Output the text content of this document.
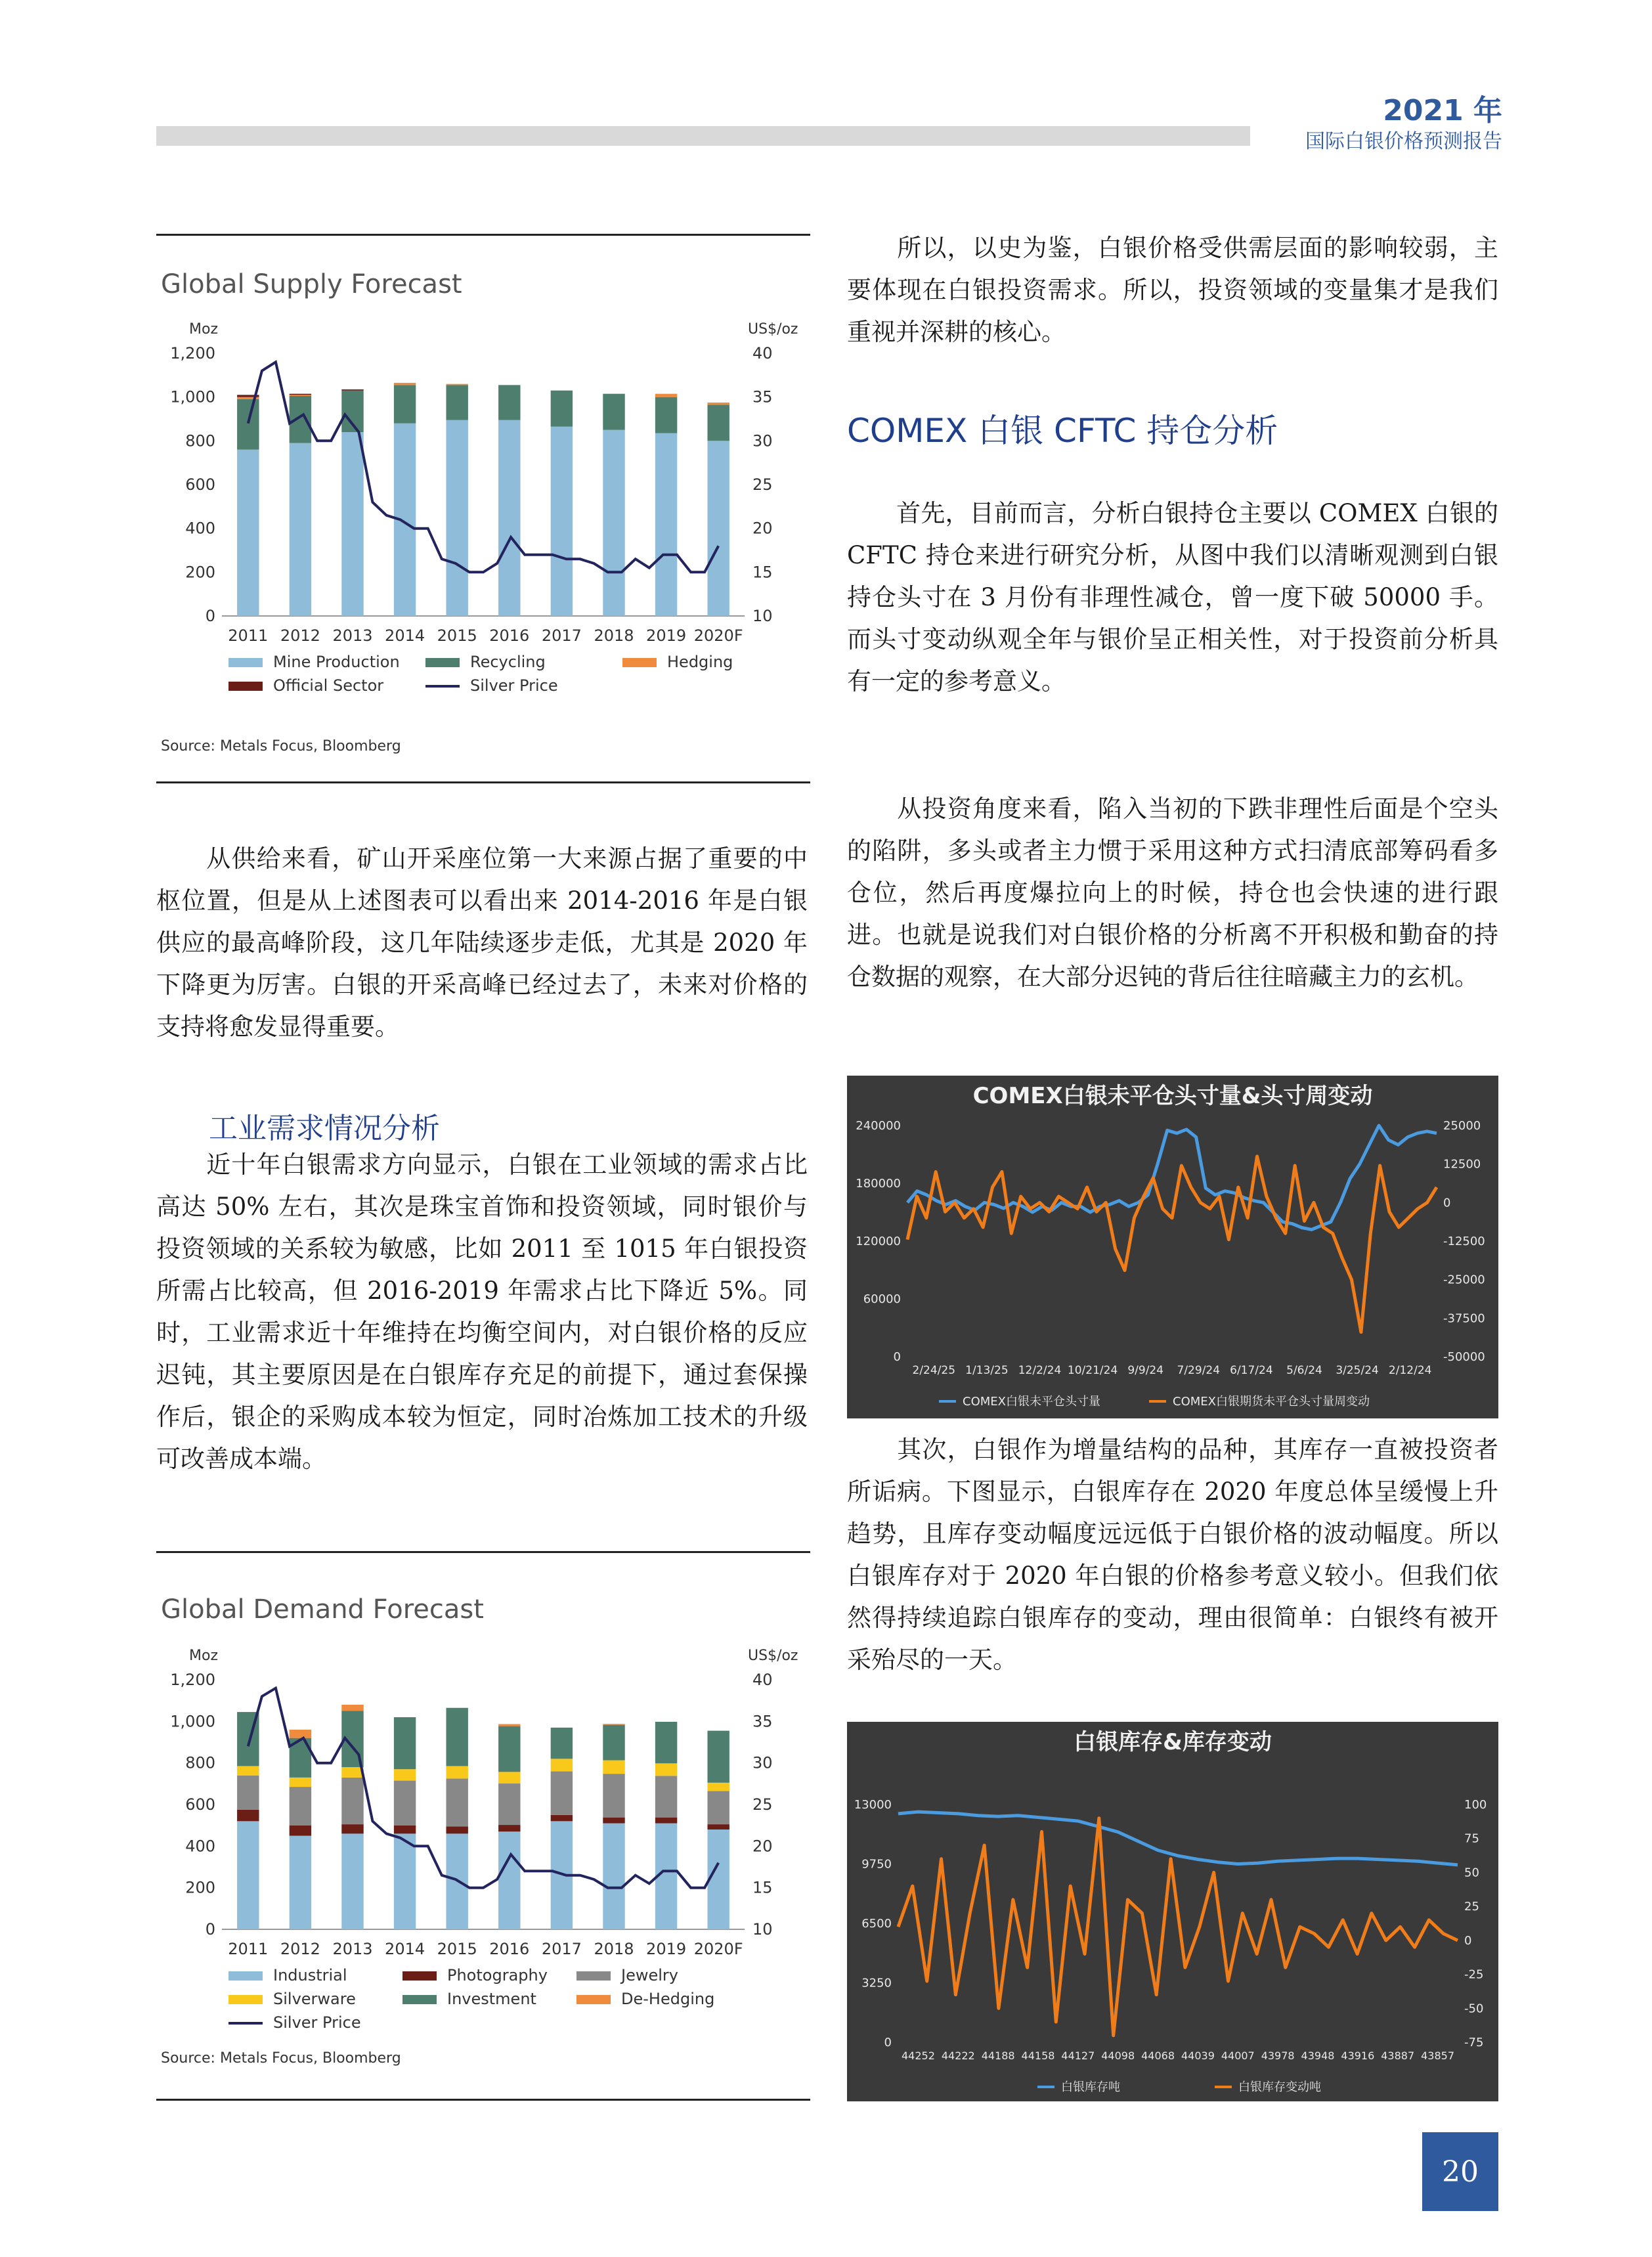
2021 年
国际白银价格预测报告
Global Supply Forecast
Moz	US$/oz
0
200
400
600
800
1,000
1,200
10
15
20
25
30
35
40
2011 2012 2013 2014 2015 2016 2017 2018 2019 2020F
Mine Production	Recycling	Hedging
Official Sector	Silver Price
Source: Metals Focus, Bloomberg

从供给来看，矿山开采座位第一大来源占据了重要的中枢位置，但是从上述图表可以看出来 2014-2016 年是白银供应的最高峰阶段，这几年陆续逐步走低，尤其是 2020 年下降更为厉害。白银的开采高峰已经过去了，未来对价格的支持将愈发显得重要。

工业需求情况分析

近十年白银需求方向显示，白银在工业领域的需求占比高达 50% 左右，其次是珠宝首饰和投资领域，同时银价与投资领域的关系较为敏感，比如 2011 至 1015 年白银投资所需占比较高，但 2016-2019 年需求占比下降近 5%。同时，工业需求近十年维持在均衡空间内，对白银价格的反应迟钝，其主要原因是在白银库存充足的前提下，通过套保操作后，银企的采购成本较为恒定，同时冶炼加工技术的升级可改善成本端。

Global Demand Forecast
Moz	US$/oz
0
200
400
600
800
1,000
1,200
10
15
20
25
30
35
40
2011 2012 2013 2014 2015 2016 2017 2018 2019 2020F
Industrial	Photography	Jewelry
Silverware	Investment	De-Hedging
Silver Price
Source: Metals Focus, Bloomberg

所以，以史为鉴，白银价格受供需层面的影响较弱，主要体现在白银投资需求。所以，投资领域的变量集才是我们重视并深耕的核心。

COMEX 白银 CFTC 持仓分析

首先，目前而言，分析白银持仓主要以 COMEX 白银的 CFTC 持仓来进行研究分析，从图中我们以清晰观测到白银持仓头寸在 3 月份有非理性减仓，曾一度下破 50000 手。而头寸变动纵观全年与银价呈正相关性，对于投资前分析具有一定的参考意义。

从投资角度来看，陷入当初的下跌非理性后面是个空头的陷阱，多头或者主力惯于采用这种方式扫清底部筹码看多仓位，然后再度爆拉向上的时候，持仓也会快速的进行跟进。也就是说我们对白银价格的分析离不开积极和勤奋的持仓数据的观察，在大部分迟钝的背后往往暗藏主力的玄机。

COMEX白银未平仓头寸量&头寸周变动
0
60000
120000
180000
240000
-50000
-37500
-25000
-12500
0
12500
25000
2/24/25 1/13/25 12/2/24 10/21/24 9/9/24 7/29/24 6/17/24 5/6/24 3/25/24 2/12/24
COMEX白银未平仓头寸量	COMEX白银期货未平仓头寸量周变动

其次，白银作为增量结构的品种，其库存一直被投资者所诟病。下图显示，白银库存在 2020 年度总体呈缓慢上升趋势，且库存变动幅度远远低于白银价格的波动幅度。所以白银库存对于 2020 年白银的价格参考意义较小。但我们依然得持续追踪白银库存的变动，理由很简单：白银终有被开采殆尽的一天。

白银库存&库存变动
0
3250
6500
9750
13000
-75
-50
-25
0
25
50
75
100
44252 44222 44188 44158 44127 44098 44068 44039 44007 43978 43948 43916 43887 43857
白银库存吨	白银库存变动吨
20
